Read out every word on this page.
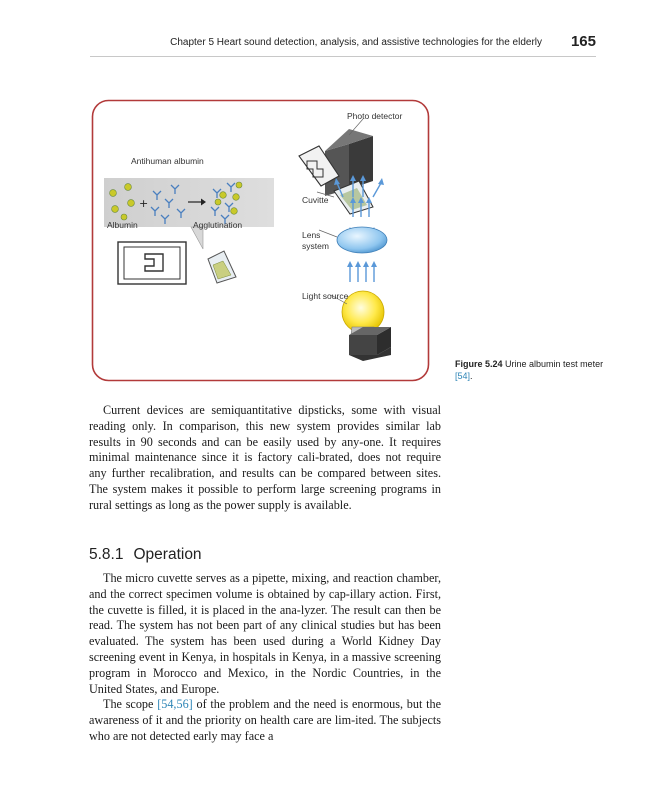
Chapter 5 Heart sound detection, analysis, and assistive technologies for the elderly 165
+
Photo detector
Antihuman albumin
Cuvitte
Albumin	Agglutination
Lens
system
Light source
Figure 5.24 Urine albumin test meter [54].

Current devices are semiquantitative dipsticks, some with visual reading only. In comparison, this new system provides similar lab results in 90 seconds and can be easily used by any-one. It requires minimal maintenance since it is factory cali-brated, does not require any further recalibration, and results can be compared between sites. The system makes it possible to perform large screening programs in rural settings as long as the power supply is available.

5.8.1 Operation

The micro cuvette serves as a pipette, mixing, and reaction chamber, and the correct specimen volume is obtained by cap-illary action. First, the cuvette is filled, it is placed in the ana-lyzer. The result can then be read. The system has not been part of any clinical studies but has been evaluated. The system has been used during a World Kidney Day screening event in Kenya, in hospitals in Kenya, in a massive screening program in Morocco and Mexico, in the Nordic Countries, in the United States, and Europe.

The scope [54,56] of the problem and the need is enormous, but the awareness of it and the priority on health care are lim-ited. The subjects who are not detected early may face a
